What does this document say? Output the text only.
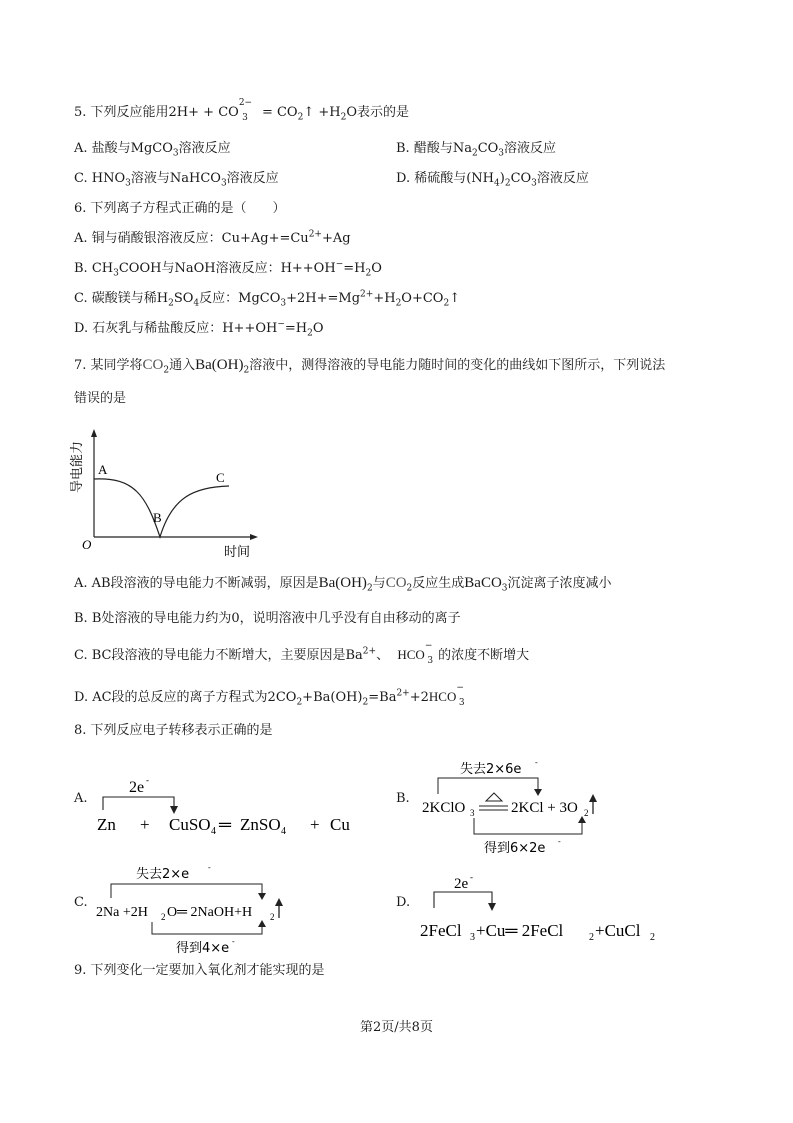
5. 下列反应能用$2H+ + CO^{2-}_3$ = $CO_2↑ +H_2O$表示的是
A. 盐酸与MgCO$_3$溶液反应	B. 醋酸与$Na_2CO_3$溶液反应
C. $HNO_3$溶液与NaHCO$_3$溶液反应	D. 稀硫酸与$(NH_4)_2CO_3$溶液反应
6. 下列离子方程式正确的是（　　）
A. 铜与硝酸银溶液反应：$Cu+Ag+=Cu^{2+}+Ag$
B. $CH_3COOH$与NaOH溶液反应：$H++OH^-=H_2O$
C. 碳酸镁与稀$H_2SO_4$反应：$MgCO_3+2H+=Mg^{2+}+H_2O+CO_2↑$
D. 石灰乳与稀盐酸反应：$H++OH^-=H_2O$
7. 某同学将$CO_2$通入$Ba(OH)_2$溶液中，测得溶液的导电能力随时间的变化的曲线如下图所示，下列说法
错误的是
导电能力
时间
O
A
B
C
A. AB段溶液的导电能力不断减弱，原因是$Ba(OH)_2$与$CO_2$反应生成BaCO$_3$沉淀离子浓度减小
B. B处溶液的导电能力约为0，说明溶液中几乎没有自由移动的离子
C. BC段溶液的导电能力不断增大，主要原因是$Ba^{2+}$、 $HCO^-_3$ 的浓度不断增大
D. AC段的总反应的离子方程式为$2CO_2+Ba(OH)_2=Ba^{2+}+2HCO^-_3$
8. 下列反应电子转移表示正确的是
A.
2e -
Zn + CuSO 4 ═ ZnSO 4 + Cu
B.
失去2×6e -
2KClO 3 2KCl + 3O 2
得到6×2e -
C.
失去2×e -
2Na +2H 2 O═ 2NaOH+H 2
得到4×e -
D.
2e -
2FeCl 3 +Cu═ 2FeCl	2 +CuCl 2
9. 下列变化一定要加入氧化剂才能实现的是
第2页/共8页
